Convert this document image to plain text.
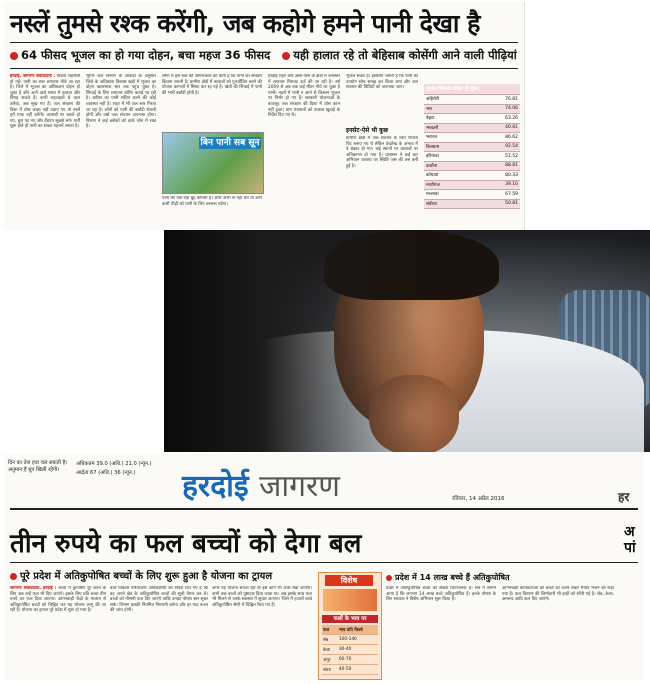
नस्लें तुमसे रश्क करेंगी, जब कहोगे हमने पानी देखा है
64 फीसद भूजल का हो गया दोहन, बचा महज 36 फीसद यही हालात रहे तो बेहिसाब कोसेंगी आने वाली पीढ़ियां
हरदोई, जागरण संवाददाता : नदियां जहरीली हो गईं। पानी का स्तर लगातार नीचे जा रहा है। जिले में भूजल का अधिकतम दोहन हो चुका है और आने वाले समय में हालात और बिगड़ सकते हैं। कभी लहलहाते थे ताल तलैया, अब सूख गए हैं। जल संरक्षण की दिशा में ठोस कदम नहीं उठाए गए तो नस्लें हमें माफ नहीं करेंगी। तालाबों पर कब्जे हो गए, कुएं पट गए और हैंडपंप सूखने लगे। गर्मी शुरू होते ही पानी का संकट गहराने लगता है।
भूगर्भ जल विभाग के आंकड़ों के अनुसार जिले के अधिकांश विकास खंडों में भूजल का दोहन खतरनाक स्तर तक पहुंच चुका है। सिंचाई के लिए लगातार बोरिंग कराई जा रही है। बारिश का पानी संचित करने की कोई व्यवस्था नहीं है। शहर में भी जल स्तर गिरता जा रहा है। लोगों को पानी की बर्बादी रोकनी होगी और वर्षा जल संचयन अपनाना होगा। विभाग ने कई ब्लॉकों को डार्क जोन में रखा है।
लोगों में इस बात की जागरूकता की कमी है कि पानी का संरक्षण कितना जरूरी है। ग्रामीण क्षेत्रों में तालाबों को पुनर्जीवित करने की योजना कागजों में सिमट कर रह गई है। खेतों की सिंचाई में पानी की भारी बर्बादी होती है।
बिन पानी सब सून
पानी की एक-एक बूंद कीमती है। अगर अभी से नहीं चेते तो आने वाली पीढ़ी को पानी के लिए तरसना पड़ेगा।
हरदोई शहर और आस-पास के क्षेत्रों में जलस्तर में लगातार गिरावट दर्ज की जा रही है। वर्ष 2009 से अब तक कई मीटर नीचे जा चुका है पानी। नहरों में पानी न आने से किसान भूजल पर निर्भर हो गए हैं। सरकारी योजनाओं के बावजूद जल संरक्षण की दिशा में ठोस काम नहीं हुआ। ग्राम पंचायतों को तालाब खुदाई के निर्देश दिए गए थे।
भूजल संकट है। इसलिए जरूरी है कि पानी का उपयोग सोच समझ कर किया जाए और जल संचयन की विधियों को अपनाया जाए।
इनसेट-ऐसे भी कुछ
ग्रामीण क्षेत्रों में जल संचयन के लिए रीचार्ज पिट बनाए गए थे लेकिन देखरेख के अभाव में वे बेकार हो गए। कई स्थानों पर तालाबों पर अतिक्रमण हो गया है। प्रशासन ने कई बार अभियान चलाया पर स्थिति जस की तस बनी हुई है।
भूजल जिसका दोहन हो चुका	
अहिरोरी	76.81
भरा	74.06
बेहटा	63.26
भरखनी	40.81
भरावन	86.62
बिलग्राम	92.54
हरियावां	51.52
कछौना	88.81
कोथावां	80.33
माधौगंज	39.10
मल्लावां	67.59
संडीला	50.81
दिन का तेज हवा चल सकती है। अनुमान है धूप खिली रहेगी।
अधिकतम 39.0 (अधि.) 21.0 (न्यून.)
आर्द्रता 67 (अधि.) 36 (न्यून.)	हरदोई जागरण	रविवार, 14 अप्रैल 2016	हर
तीन रुपये का फल बच्चों को देगा बल	अ
पां
पूरे प्रदेश में अतिकुपोषित बच्चों के लिए शुरू हुआ है योजना का ट्रायल
जागरण संवाददाता, हरदोई : बच्चों में कुपोषण दूर करने के लिए अब उन्हें फल भी दिए जाएंगे। इसके लिए प्रति बच्चा तीन रुपये का फल दिया जाएगा। आंगनबाड़ी केंद्रों के माध्यम से अतिकुपोषित बच्चों को चिह्नित कर यह योजना लागू की जा रही है। योजना का ट्रायल पूरे प्रदेश में शुरू हो गया है।
बाल विकास परियोजना अधिकारियों को निर्देश दिए गए हैं कि वह अपने क्षेत्र के अतिकुपोषित बच्चों की सूची तैयार कर लें। बच्चों को मौसमी फल दिए जाएंगे ताकि उनका पोषण स्तर सुधर सके। विभाग इसकी नियमित निगरानी करेगा और हर माह वजन की जांच होगी।
अगर यह योजना सफल रही तो इसे आगे भी जारी रखा जाएगा। अभी तक बच्चों को पुष्टाहार दिया जाता था। अब इसके साथ फल भी मिलने से उनके स्वास्थ्य में सुधार आएगा। जिले में हजारों बच्चे अतिकुपोषित श्रेणी में चिह्नित किए गए हैं।
विशेष
फलों के भाव पर
फल	भाव प्रति किलो
सेब	100-140
केला	30-40
अंगूर	60-70
संतरा	40-50
प्रदेश में 14 लाख बच्चे हैं अतिकुपोषित
प्रदेश में अतिकुपोषित बच्चों की संख्या चिंताजनक है। सर्वे में सामने आया है कि लगभग 14 लाख बच्चे अतिकुपोषित हैं। इनके पोषण के लिए सरकार ने विशेष अभियान शुरू किया है।
आंगनबाड़ी कार्यकर्ताओं को बच्चों का वजन लेकर रिपोर्ट भेजने को कहा गया है। फल वितरण की जिम्मेदारी भी इन्हीं को सौंपी गई है। सेब, केला, अमरूद आदि फल दिए जाएंगे।
